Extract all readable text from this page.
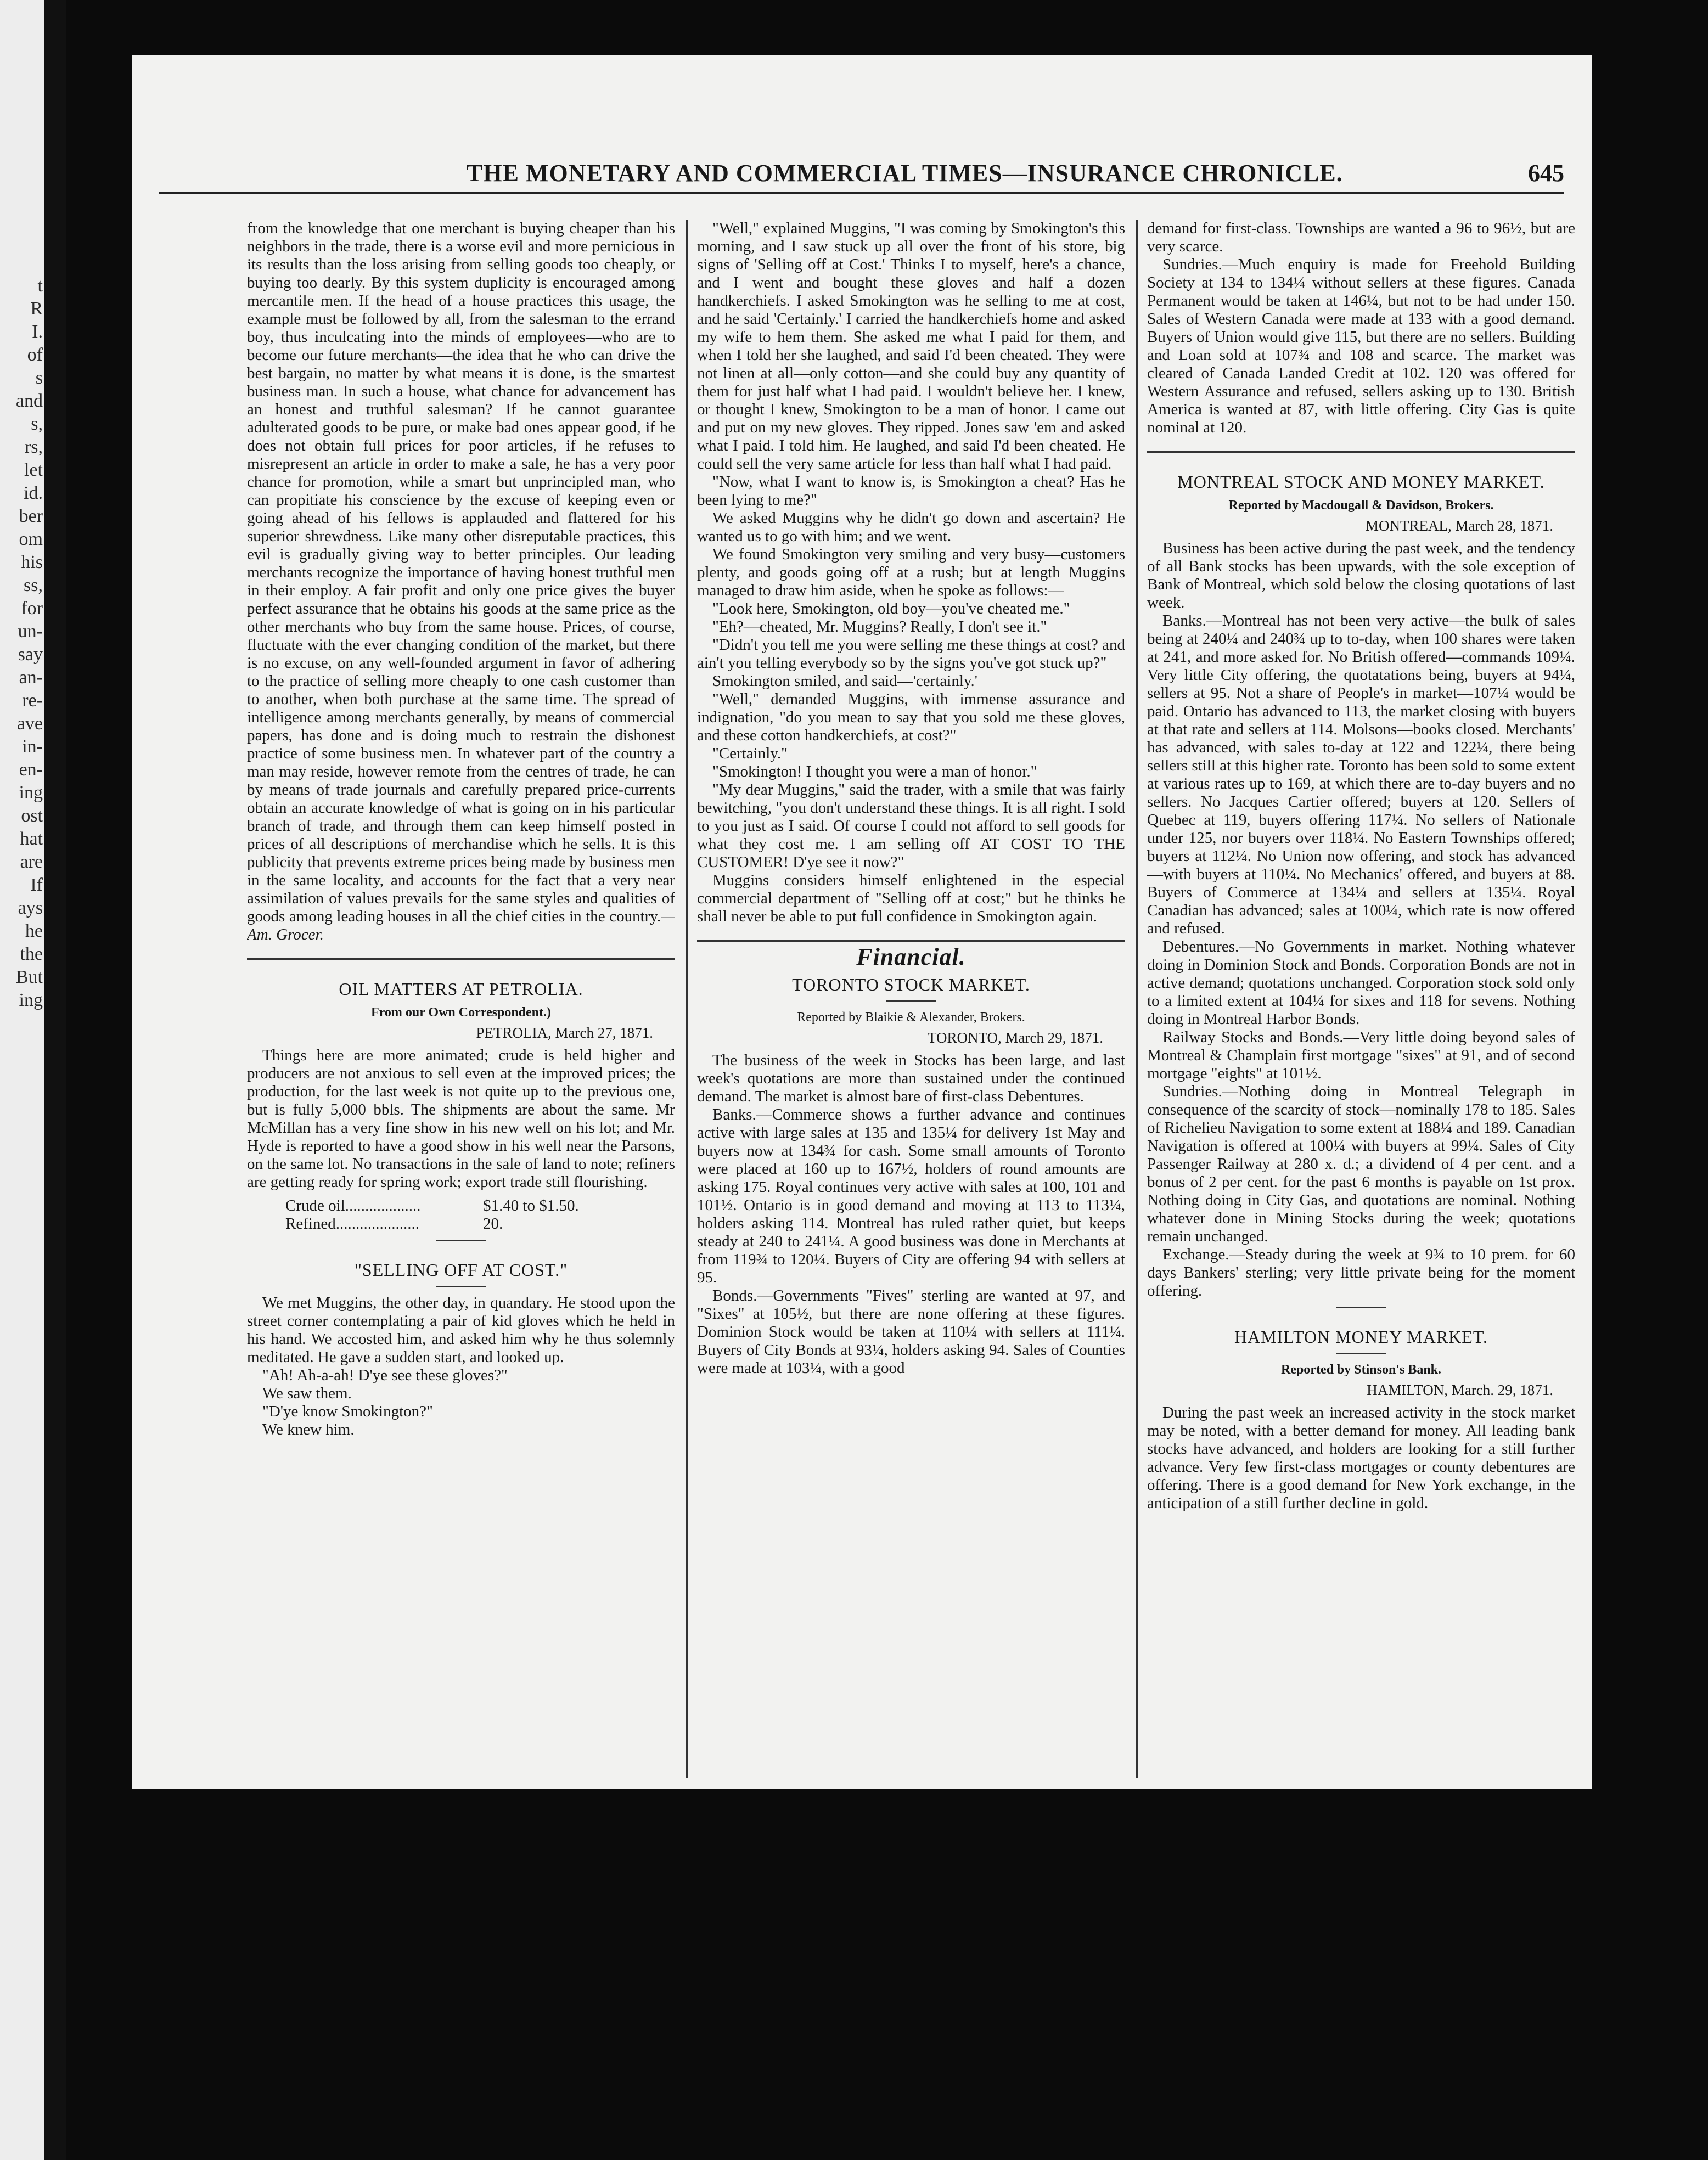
t
R
I.
of
s
and
s,
rs,
let
id.
ber
om
his
ss,
for
un-
say
an-
re-
ave
in-
en-
ing
ost
hat
are
If
ays
he
the
But
ing
THE MONETARY AND COMMERCIAL TIMES—INSURANCE CHRONICLE.	645

from the knowledge that one merchant is buying cheaper than his neighbors in the trade, there is a worse evil and more pernicious in its results than the loss arising from selling goods too cheaply, or buying too dearly. By this system duplicity is encouraged among mercantile men. If the head of a house practices this usage, the example must be followed by all, from the salesman to the errand boy, thus inculcating into the minds of employees—who are to become our future merchants—the idea that he who can drive the best bargain, no matter by what means it is done, is the smartest business man. In such a house, what chance for advancement has an honest and truthful salesman? If he cannot guarantee adulterated goods to be pure, or make bad ones appear good, if he does not obtain full prices for poor articles, if he refuses to misrepresent an article in order to make a sale, he has a very poor chance for promotion, while a smart but unprincipled man, who can propitiate his conscience by the excuse of keeping even or going ahead of his fellows is applauded and flattered for his superior shrewdness. Like many other disreputable practices, this evil is gradually giving way to better principles. Our leading merchants recognize the importance of having honest truthful men in their employ. A fair profit and only one price gives the buyer perfect assurance that he obtains his goods at the same price as the other merchants who buy from the same house. Prices, of course, fluctuate with the ever changing condition of the market, but there is no excuse, on any well-founded argument in favor of adhering to the practice of selling more cheaply to one cash customer than to another, when both purchase at the same time. The spread of intelligence among merchants generally, by means of commercial papers, has done and is doing much to restrain the dishonest practice of some business men. In whatever part of the country a man may reside, however remote from the centres of trade, he can by means of trade journals and carefully prepared price-currents obtain an accurate knowledge of what is going on in his particular branch of trade, and through them can keep himself posted in prices of all descriptions of merchandise which he sells. It is this publicity that prevents extreme prices being made by business men in the same locality, and accounts for the fact that a very near assimilation of values prevails for the same styles and qualities of goods among leading houses in all the chief cities in the country.—Am. Grocer.

OIL MATTERS AT PETROLIA.
From our Own Correspondent.)
PETROLIA, March 27, 1871.

Things here are more animated; crude is held higher and producers are not anxious to sell even at the improved prices; the production, for the last week is not quite up to the previous one, but is fully 5,000 bbls. The shipments are about the same. Mr McMillan has a very fine show in his new well on his lot; and Mr. Hyde is reported to have a good show in his well near the Parsons, on the same lot. No transactions in the sale of land to note; refiners are getting ready for spring work; export trade still flourishing.

Crude oil...................	$1.40 to $1.50.
Refined.....................	20.
"SELLING OFF AT COST."

We met Muggins, the other day, in quandary. He stood upon the street corner contemplating a pair of kid gloves which he held in his hand. We accosted him, and asked him why he thus solemnly meditated. He gave a sudden start, and looked up.

"Ah! Ah-a-ah! D'ye see these gloves?"

We saw them.

"D'ye know Smokington?"

We knew him.

"Well," explained Muggins, "I was coming by Smokington's this morning, and I saw stuck up all over the front of his store, big signs of 'Selling off at Cost.' Thinks I to myself, here's a chance, and I went and bought these gloves and half a dozen handkerchiefs. I asked Smokington was he selling to me at cost, and he said 'Certainly.' I carried the handkerchiefs home and asked my wife to hem them. She asked me what I paid for them, and when I told her she laughed, and said I'd been cheated. They were not linen at all—only cotton—and she could buy any quantity of them for just half what I had paid. I wouldn't believe her. I knew, or thought I knew, Smokington to be a man of honor. I came out and put on my new gloves. They ripped. Jones saw 'em and asked what I paid. I told him. He laughed, and said I'd been cheated. He could sell the very same article for less than half what I had paid.

"Now, what I want to know is, is Smokington a cheat? Has he been lying to me?"

We asked Muggins why he didn't go down and ascertain? He wanted us to go with him; and we went.

We found Smokington very smiling and very busy—customers plenty, and goods going off at a rush; but at length Muggins managed to draw him aside, when he spoke as follows:—

"Look here, Smokington, old boy—you've cheated me."

"Eh?—cheated, Mr. Muggins? Really, I don't see it."

"Didn't you tell me you were selling me these things at cost? and ain't you telling everybody so by the signs you've got stuck up?"

Smokington smiled, and said—'certainly.'

"Well," demanded Muggins, with immense assurance and indignation, "do you mean to say that you sold me these gloves, and these cotton handkerchiefs, at cost?"

"Certainly."

"Smokington! I thought you were a man of honor."

"My dear Muggins," said the trader, with a smile that was fairly bewitching, "you don't understand these things. It is all right. I sold to you just as I said. Of course I could not afford to sell goods for what they cost me. I am selling off AT COST TO THE CUSTOMER! D'ye see it now?"

Muggins considers himself enlightened in the especial commercial department of "Selling off at cost;" but he thinks he shall never be able to put full confidence in Smokington again.

Financial.
TORONTO STOCK MARKET.
Reported by Blaikie & Alexander, Brokers.
TORONTO, March 29, 1871.

The business of the week in Stocks has been large, and last week's quotations are more than sustained under the continued demand. The market is almost bare of first-class Debentures.

Banks.—Commerce shows a further advance and continues active with large sales at 135 and 135¼ for delivery 1st May and buyers now at 134¾ for cash. Some small amounts of Toronto were placed at 160 up to 167½, holders of round amounts are asking 175. Royal continues very active with sales at 100, 101 and 101½. Ontario is in good demand and moving at 113 to 113¼, holders asking 114. Montreal has ruled rather quiet, but keeps steady at 240 to 241¼. A good business was done in Merchants at from 119¾ to 120¼. Buyers of City are offering 94 with sellers at 95.

Bonds.—Governments "Fives" sterling are wanted at 97, and "Sixes" at 105½, but there are none offering at these figures. Dominion Stock would be taken at 110¼ with sellers at 111¼. Buyers of City Bonds at 93¼, holders asking 94. Sales of Counties were made at 103¼, with a good

demand for first-class. Townships are wanted a 96 to 96½, but are very scarce.

Sundries.—Much enquiry is made for Freehold Building Society at 134 to 134¼ without sellers at these figures. Canada Permanent would be taken at 146¼, but not to be had under 150. Sales of Western Canada were made at 133 with a good demand. Buyers of Union would give 115, but there are no sellers. Building and Loan sold at 107¾ and 108 and scarce. The market was cleared of Canada Landed Credit at 102. 120 was offered for Western Assurance and refused, sellers asking up to 130. British America is wanted at 87, with little offering. City Gas is quite nominal at 120.

MONTREAL STOCK AND MONEY MARKET.
Reported by Macdougall & Davidson, Brokers.
MONTREAL, March 28, 1871.

Business has been active during the past week, and the tendency of all Bank stocks has been upwards, with the sole exception of Bank of Montreal, which sold below the closing quotations of last week.

Banks.—Montreal has not been very active—the bulk of sales being at 240¼ and 240¾ up to to-day, when 100 shares were taken at 241, and more asked for. No British offered—commands 109¼. Very little City offering, the quotatations being, buyers at 94¼, sellers at 95. Not a share of People's in market—107¼ would be paid. Ontario has advanced to 113, the market closing with buyers at that rate and sellers at 114. Molsons—books closed. Merchants' has advanced, with sales to-day at 122 and 122¼, there being sellers still at this higher rate. Toronto has been sold to some extent at various rates up to 169, at which there are to-day buyers and no sellers. No Jacques Cartier offered; buyers at 120. Sellers of Quebec at 119, buyers offering 117¼. No sellers of Nationale under 125, nor buyers over 118¼. No Eastern Townships offered; buyers at 112¼. No Union now offering, and stock has advanced—with buyers at 110¼. No Mechanics' offered, and buyers at 88. Buyers of Commerce at 134¼ and sellers at 135¼. Royal Canadian has advanced; sales at 100¼, which rate is now offered and refused.

Debentures.—No Governments in market. Nothing whatever doing in Dominion Stock and Bonds. Corporation Bonds are not in active demand; quotations unchanged. Corporation stock sold only to a limited extent at 104¼ for sixes and 118 for sevens. Nothing doing in Montreal Harbor Bonds.

Railway Stocks and Bonds.—Very little doing beyond sales of Montreal & Champlain first mortgage "sixes" at 91, and of second mortgage "eights" at 101½.

Sundries.—Nothing doing in Montreal Telegraph in consequence of the scarcity of stock—nominally 178 to 185. Sales of Richelieu Navigation to some extent at 188¼ and 189. Canadian Navigation is offered at 100¼ with buyers at 99¼. Sales of City Passenger Railway at 280 x. d.; a dividend of 4 per cent. and a bonus of 2 per cent. for the past 6 months is payable on 1st prox. Nothing doing in City Gas, and quotations are nominal. Nothing whatever done in Mining Stocks during the week; quotations remain unchanged.

Exchange.—Steady during the week at 9¾ to 10 prem. for 60 days Bankers' sterling; very little private being for the moment offering.

HAMILTON MONEY MARKET.
Reported by Stinson's Bank.
HAMILTON, March. 29, 1871.

During the past week an increased activity in the stock market may be noted, with a better demand for money. All leading bank stocks have advanced, and holders are looking for a still further advance. Very few first-class mortgages or county debentures are offering. There is a good demand for New York exchange, in the anticipation of a still further decline in gold.
